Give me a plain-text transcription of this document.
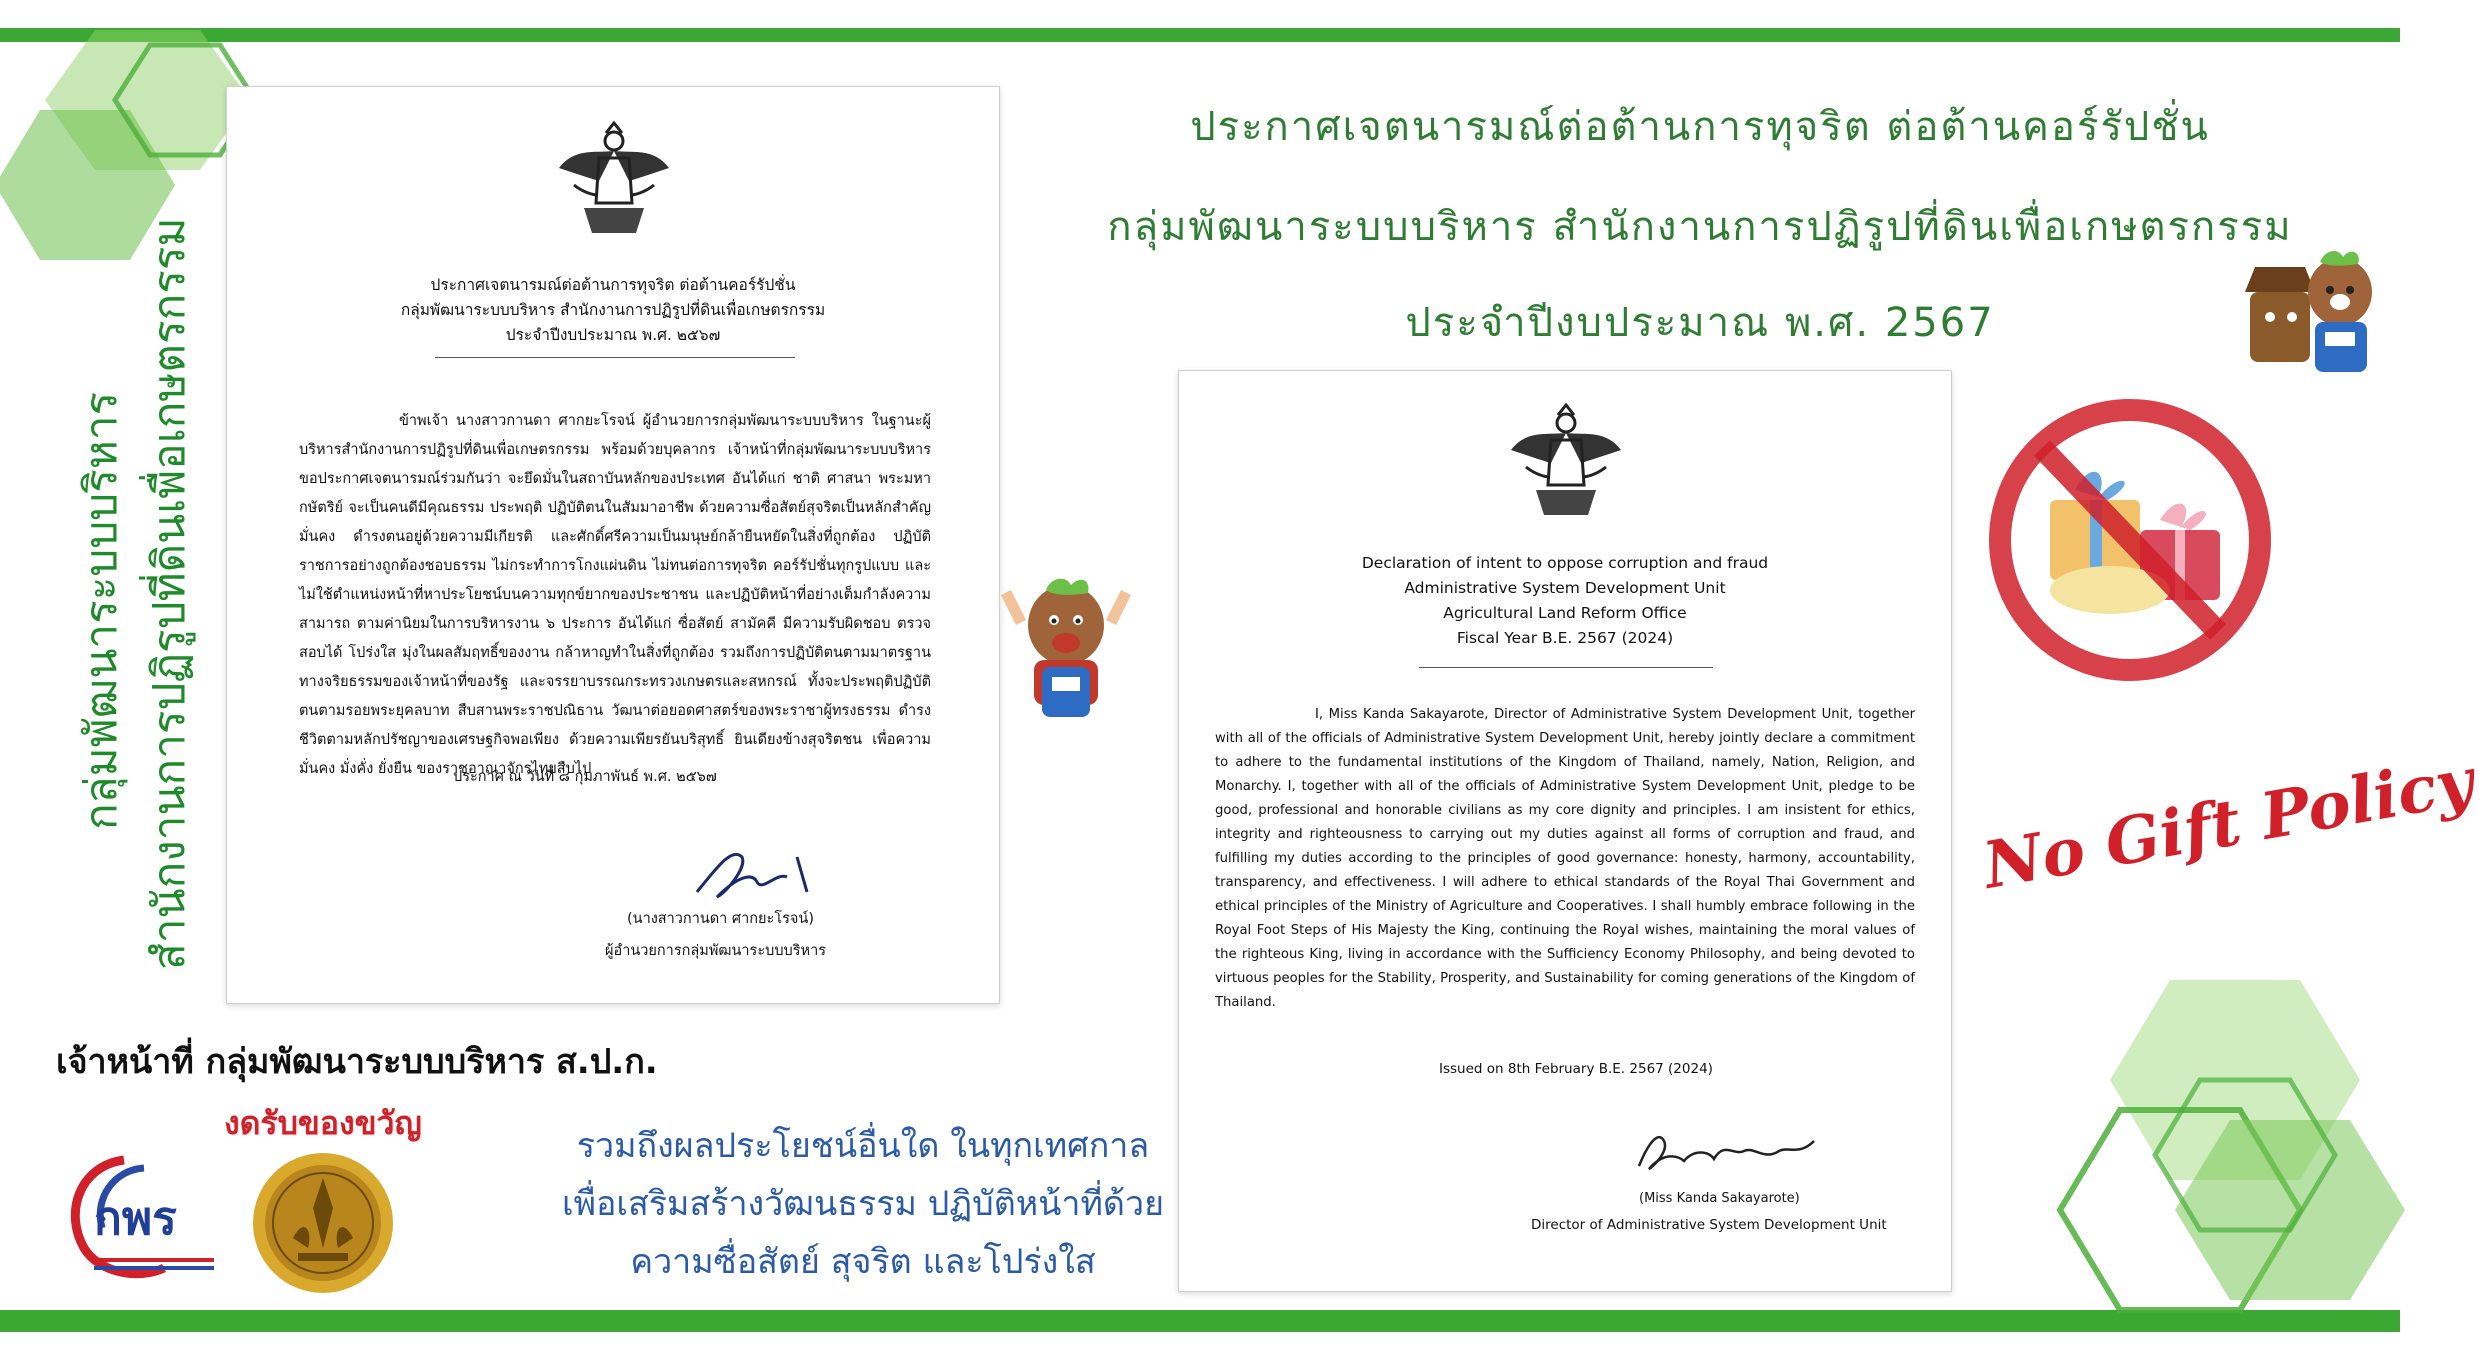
กลุ่มพัฒนาระบบบริหาร สำนักงานการปฏิรูปที่ดินเพื่อเกษตรกรรม	ประกาศเจตนารมณ์ต่อต้านการทุจริต ต่อต้านคอร์รัปชั่น
กลุ่มพัฒนาระบบบริหาร สำนักงานการปฏิรูปที่ดินเพื่อเกษตรกรรม
ประจำปีงบประมาณ พ.ศ. ๒๕๖๗
ข้าพเจ้า นางสาวกานดา ศากยะโรจน์ ผู้อำนวยการกลุ่มพัฒนาระบบบริหาร ในฐานะผู้บริหารสำนักงานการปฏิรูปที่ดินเพื่อเกษตรกรรม พร้อมด้วยบุคลากร เจ้าหน้าที่กลุ่มพัฒนาระบบบริหาร ขอประกาศเจตนารมณ์ร่วมกันว่า จะยึดมั่นในสถาบันหลักของประเทศ อันได้แก่ ชาติ ศาสนา พระมหากษัตริย์ จะเป็นคนดีมีคุณธรรม ประพฤติ ปฏิบัติตนในสัมมาอาชีพ ด้วยความซื่อสัตย์สุจริตเป็นหลักสำคัญมั่นคง ดำรงตนอยู่ด้วยความมีเกียรติ และศักดิ์ศรีความเป็นมนุษย์กล้ายืนหยัดในสิ่งที่ถูกต้อง ปฏิบัติราชการอย่างถูกต้องชอบธรรม ไม่กระทำการโกงแผ่นดิน ไม่ทนต่อการทุจริต คอร์รัปชั่นทุกรูปแบบ และไม่ใช้ตำแหน่งหน้าที่หาประโยชน์บนความทุกข์ยากของประชาชน และปฏิบัติหน้าที่อย่างเต็มกำลังความสามารถ ตามค่านิยมในการบริหารงาน ๖ ประการ อันได้แก่ ซื่อสัตย์ สามัคคี มีความรับผิดชอบ ตรวจสอบได้ โปร่งใส มุ่งในผลสัมฤทธิ์ของงาน กล้าหาญทำในสิ่งที่ถูกต้อง รวมถึงการปฏิบัติตนตามมาตรฐานทางจริยธรรมของเจ้าหน้าที่ของรัฐ และจรรยาบรรณกระทรวงเกษตรและสหกรณ์ ทั้งจะประพฤติปฏิบัติตนตามรอยพระยุคลบาท สืบสานพระราชปณิธาน วัฒนาต่อยอดศาสตร์ของพระราชาผู้ทรงธรรม ดำรงชีวิตตามหลักปรัชญาของเศรษฐกิจพอเพียง ด้วยความเพียรยันบริสุทธิ์ ยินเดียงข้างสุจริตชน เพื่อความมั่นคง มั่งคั่ง ยั่งยืน ของราชอาณาจักรไทยสืบไป
ประกาศ ณ วันที่ ๘ กุมภาพันธ์ พ.ศ. ๒๕๖๗
(นางสาวกานดา ศากยะโรจน์)
ผู้อำนวยการกลุ่มพัฒนาระบบบริหาร
Declaration of intent to oppose corruption and fraud
Administrative System Development Unit
Agricultural Land Reform Office
Fiscal Year B.E. 2567 (2024)
I, Miss Kanda Sakayarote, Director of Administrative System Development Unit, together with all of the officials of Administrative System Development Unit, hereby jointly declare a commitment to adhere to the fundamental institutions of the Kingdom of Thailand, namely, Nation, Religion, and Monarchy. I, together with all of the officials of Administrative System Development Unit, pledge to be good, professional and honorable civilians as my core dignity and principles. I am insistent for ethics, integrity and righteousness to carrying out my duties against all forms of corruption and fraud, and fulfilling my duties according to the principles of good governance: honesty, harmony, accountability, transparency, and effectiveness. I will adhere to ethical standards of the Royal Thai Government and ethical principles of the Ministry of Agriculture and Cooperatives. I shall humbly embrace following in the Royal Foot Steps of His Majesty the King, continuing the Royal wishes, maintaining the moral values of the righteous King, living in accordance with the Sufficiency Economy Philosophy, and being devoted to virtuous peoples for the Stability, Prosperity, and Sustainability for coming generations of the Kingdom of Thailand.
Issued on 8th February B.E. 2567 (2024)
(Miss Kanda Sakayarote)
Director of Administrative System Development Unit
ประกาศเจตนารมณ์ต่อต้านการทุจริต ต่อต้านคอร์รัปชั่น
กลุ่มพัฒนาระบบบริหาร สำนักงานการปฏิรูปที่ดินเพื่อเกษตรกรรม
ประจำปีงบประมาณ พ.ศ. 2567
No Gift Policy
เจ้าหน้าที่ กลุ่มพัฒนาระบบบริหาร ส.ป.ก.
งดรับของขวัญ
กพร
รวมถึงผลประโยชน์อื่นใด ในทุกเทศกาล
เพื่อเสริมสร้างวัฒนธรรม ปฏิบัติหน้าที่ด้วย
ความซื่อสัตย์ สุจริต และโปร่งใส
